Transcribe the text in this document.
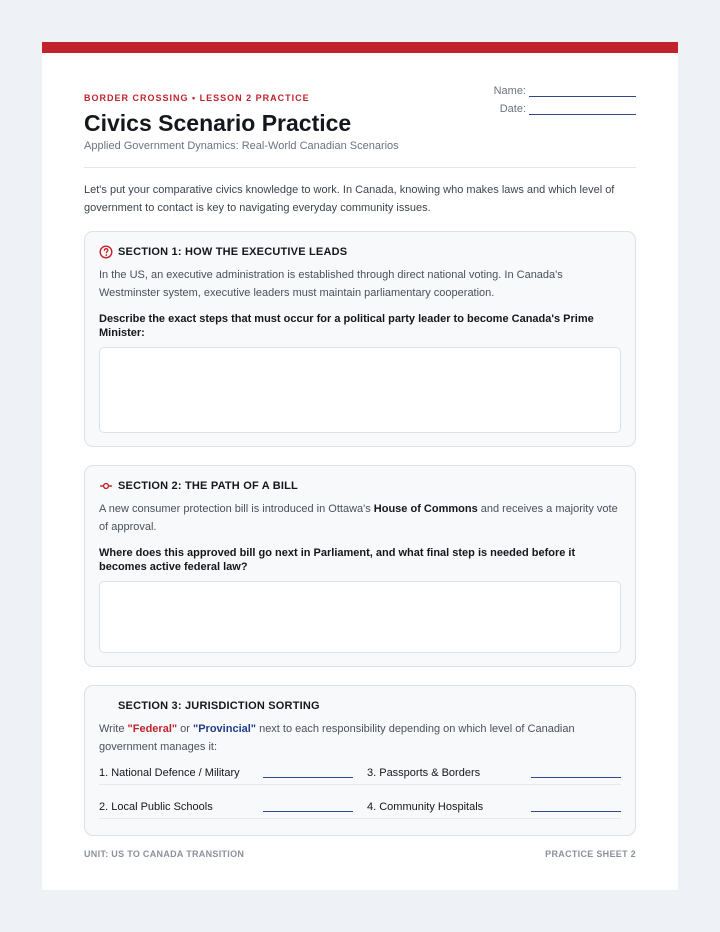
BORDER CROSSING • LESSON 2 PRACTICE
Civics Scenario Practice
Applied Government Dynamics: Real-World Canadian Scenarios
Name:
Date:
Let's put your comparative civics knowledge to work. In Canada, knowing who makes laws and which level of government to contact is key to navigating everyday community issues.
SECTION 1: HOW THE EXECUTIVE LEADS
In the US, an executive administration is established through direct national voting. In Canada's Westminster system, executive leaders must maintain parliamentary cooperation.
Describe the exact steps that must occur for a political party leader to become Canada's Prime Minister:
SECTION 2: THE PATH OF A BILL
A new consumer protection bill is introduced in Ottawa's House of Commons and receives a majority vote of approval.
Where does this approved bill go next in Parliament, and what final step is needed before it becomes active federal law?
SECTION 3: JURISDICTION SORTING
Write "Federal" or "Provincial" next to each responsibility depending on which level of Canadian government manages it:
1. National Defence / Military	3. Passports & Borders
2. Local Public Schools	4. Community Hospitals
UNIT: US TO CANADA TRANSITION	PRACTICE SHEET 2
